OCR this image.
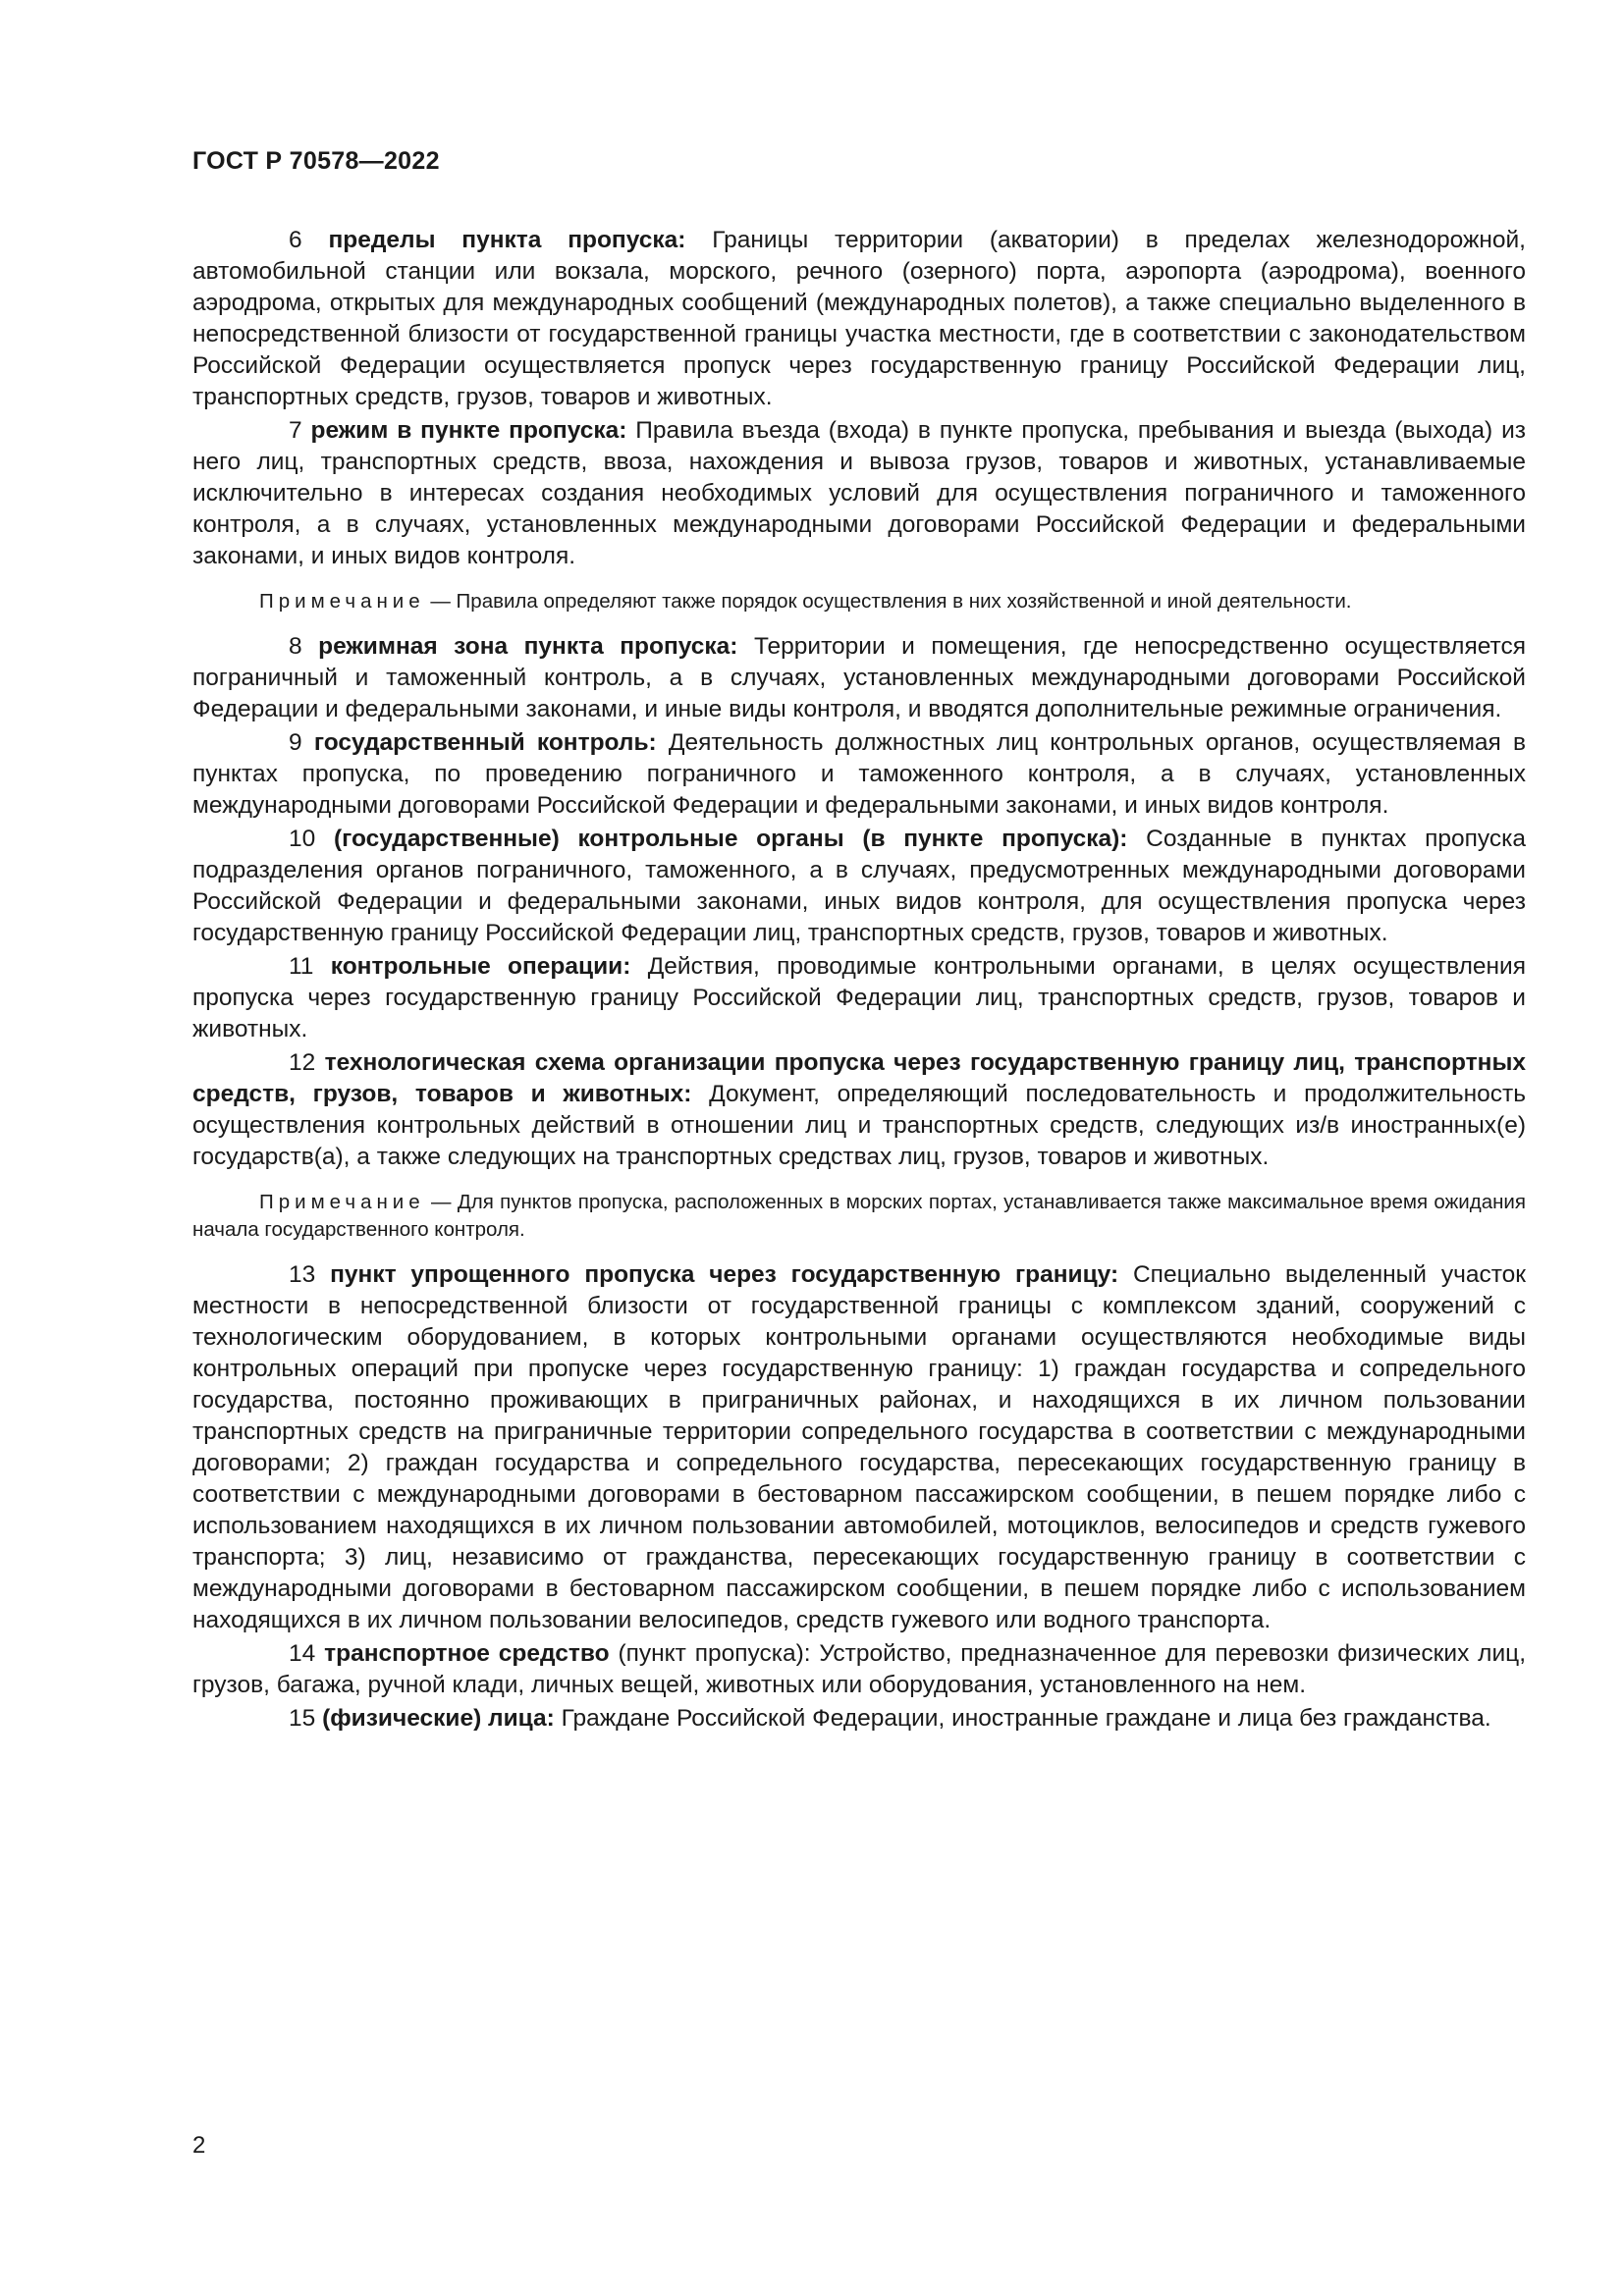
ГОСТ Р 70578—2022

6 пределы пункта пропуска: Границы территории (акватории) в пределах железнодорожной, автомобильной станции или вокзала, морского, речного (озерного) порта, аэропорта (аэродрома), военного аэродрома, открытых для международных сообщений (международных полетов), а также специально выделенного в непосредственной близости от государственной границы участка местности, где в соответствии с законодательством Российской Федерации осуществляется пропуск через государственную границу Российской Федерации лиц, транспортных средств, грузов, товаров и животных.

7 режим в пункте пропуска: Правила въезда (входа) в пункте пропуска, пребывания и выезда (выхода) из него лиц, транспортных средств, ввоза, нахождения и вывоза грузов, товаров и животных, устанавливаемые исключительно в интересах создания необходимых условий для осуществления пограничного и таможенного контроля, а в случаях, установленных международными договорами Российской Федерации и федеральными законами, и иных видов контроля.

Примечание — Правила определяют также порядок осуществления в них хозяйственной и иной деятельности.

8 режимная зона пункта пропуска: Территории и помещения, где непосредственно осуществляется пограничный и таможенный контроль, а в случаях, установленных международными договорами Российской Федерации и федеральными законами, и иные виды контроля, и вводятся дополнительные режимные ограничения.

9 государственный контроль: Деятельность должностных лиц контрольных органов, осуществляемая в пунктах пропуска, по проведению пограничного и таможенного контроля, а в случаях, установленных международными договорами Российской Федерации и федеральными законами, и иных видов контроля.

10 (государственные) контрольные органы (в пункте пропуска): Созданные в пунктах пропуска подразделения органов пограничного, таможенного, а в случаях, предусмотренных международными договорами Российской Федерации и федеральными законами, иных видов контроля, для осуществления пропуска через государственную границу Российской Федерации лиц, транспортных средств, грузов, товаров и животных.

11 контрольные операции: Действия, проводимые контрольными органами, в целях осуществления пропуска через государственную границу Российской Федерации лиц, транспортных средств, грузов, товаров и животных.

12 технологическая схема организации пропуска через государственную границу лиц, транспортных средств, грузов, товаров и животных: Документ, определяющий последовательность и продолжительность осуществления контрольных действий в отношении лиц и транспортных средств, следующих из/в иностранных(е) государств(а), а также следующих на транспортных средствах лиц, грузов, товаров и животных.

Примечание — Для пунктов пропуска, расположенных в морских портах, устанавливается также максимальное время ожидания начала государственного контроля.

13 пункт упрощенного пропуска через государственную границу: Специально выделенный участок местности в непосредственной близости от государственной границы с комплексом зданий, сооружений с технологическим оборудованием, в которых контрольными органами осуществляются необходимые виды контрольных операций при пропуске через государственную границу: 1) граждан государства и сопредельного государства, постоянно проживающих в приграничных районах, и находящихся в их личном пользовании транспортных средств на приграничные территории сопредельного государства в соответствии с международными договорами; 2) граждан государства и сопредельного государства, пересекающих государственную границу в соответствии с международными договорами в бестоварном пассажирском сообщении, в пешем порядке либо с использованием находящихся в их личном пользовании автомобилей, мотоциклов, велосипедов и средств гужевого транспорта; 3) лиц, независимо от гражданства, пересекающих государственную границу в соответствии с международными договорами в бестоварном пассажирском сообщении, в пешем порядке либо с использованием находящихся в их личном пользовании велосипедов, средств гужевого или водного транспорта.

14 транспортное средство (пункт пропуска): Устройство, предназначенное для перевозки физических лиц, грузов, багажа, ручной клади, личных вещей, животных или оборудования, установленного на нем.

15 (физические) лица: Граждане Российской Федерации, иностранные граждане и лица без гражданства.

2
